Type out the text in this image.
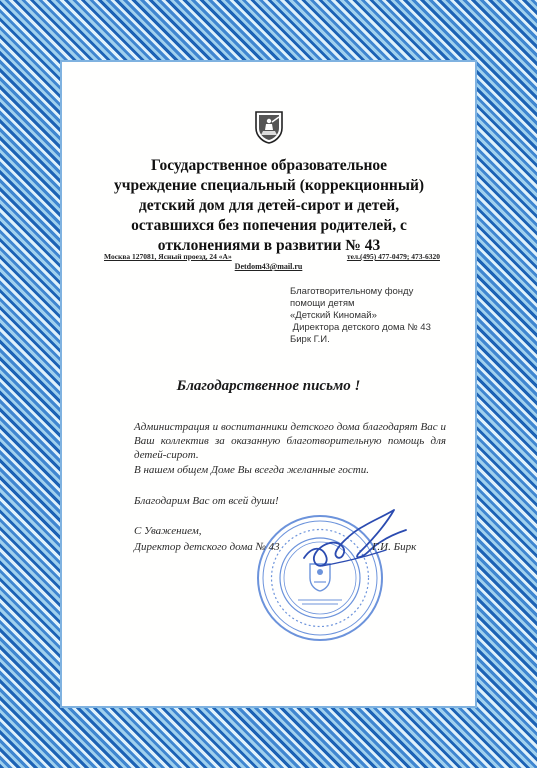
Государственное образовательное
учреждение специальный (коррекционный)
детский дом для детей-сирот и детей,
оставшихся без попечения родителей, с
отклонениями в развитии № 43
Москва 127081, Ясный проезд, 24 «А»	тел.(495) 477-0479; 473-6320
Detdom43@mail.ru
Благотворительному фонду
помощи детям
«Детский Киномай»
Директора детского дома № 43
Бирк Г.И.
Благодарственное письмо !
Администрация и воспитанники детского дома благодарят Вас и Ваш коллектив за оказанную благотворительную помощь для детей-сирот.
В нашем общем Доме Вы всегда желанные гости.
Благодарим Вас от всей души!
С Уважением,
Директор детского дома № 43	Г.И. Бирк
